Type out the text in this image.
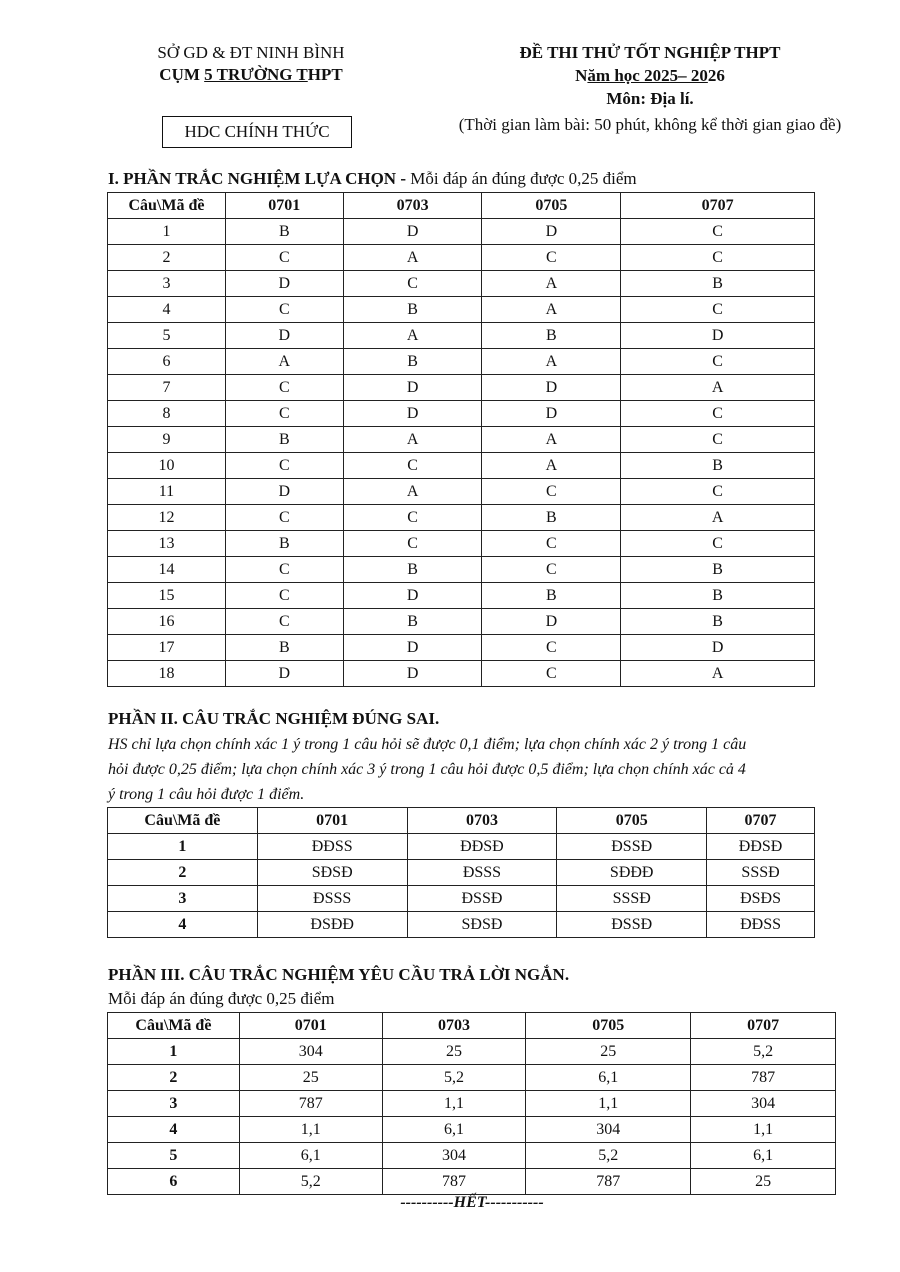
SỞ GD & ĐT NINH BÌNH
CỤM 5 TRƯỜNG THPT
HDC CHÍNH THỨC
ĐỀ THI THỬ TỐT NGHIỆP THPT
Năm học 2025– 2026
Môn: Địa lí.
(Thời gian làm bài: 50 phút, không kể thời gian giao đề)
I. PHẦN TRẮC NGHIỆM LỰA CHỌN - Mỗi đáp án đúng được 0,25 điểm
Câu\Mã đề	0701	0703	0705	0707
1	B	D	D	C
2	C	A	C	C
3	D	C	A	B
4	C	B	A	C
5	D	A	B	D
6	A	B	A	C
7	C	D	D	A
8	C	D	D	C
9	B	A	A	C
10	C	C	A	B
11	D	A	C	C
12	C	C	B	A
13	B	C	C	C
14	C	B	C	B
15	C	D	B	B
16	C	B	D	B
17	B	D	C	D
18	D	D	C	A
PHẦN II. CÂU TRẮC NGHIỆM ĐÚNG SAI.
HS chỉ lựa chọn chính xác 1 ý trong 1 câu hỏi sẽ được 0,1 điểm; lựa chọn chính xác 2 ý trong 1 câu
hỏi được 0,25 điểm; lựa chọn chính xác 3 ý trong 1 câu hỏi được 0,5 điểm; lựa chọn chính xác cả 4
ý trong 1 câu hỏi được 1 điểm.
Câu\Mã đề	0701	0703	0705	0707
1	ĐĐSS	ĐĐSĐ	ĐSSĐ	ĐĐSĐ
2	SĐSĐ	ĐSSS	SĐĐĐ	SSSĐ
3	ĐSSS	ĐSSĐ	SSSĐ	ĐSĐS
4	ĐSĐĐ	SĐSĐ	ĐSSĐ	ĐĐSS
PHẦN III. CÂU TRẮC NGHIỆM YÊU CẦU TRẢ LỜI NGẮN.
Mỗi đáp án đúng được 0,25 điểm
Câu\Mã đề	0701	0703	0705	0707
1	304	25	25	5,2
2	25	5,2	6,1	787
3	787	1,1	1,1	304
4	1,1	6,1	304	1,1
5	6,1	304	5,2	6,1
6	5,2	787	787	25
----------HẾT-----------
